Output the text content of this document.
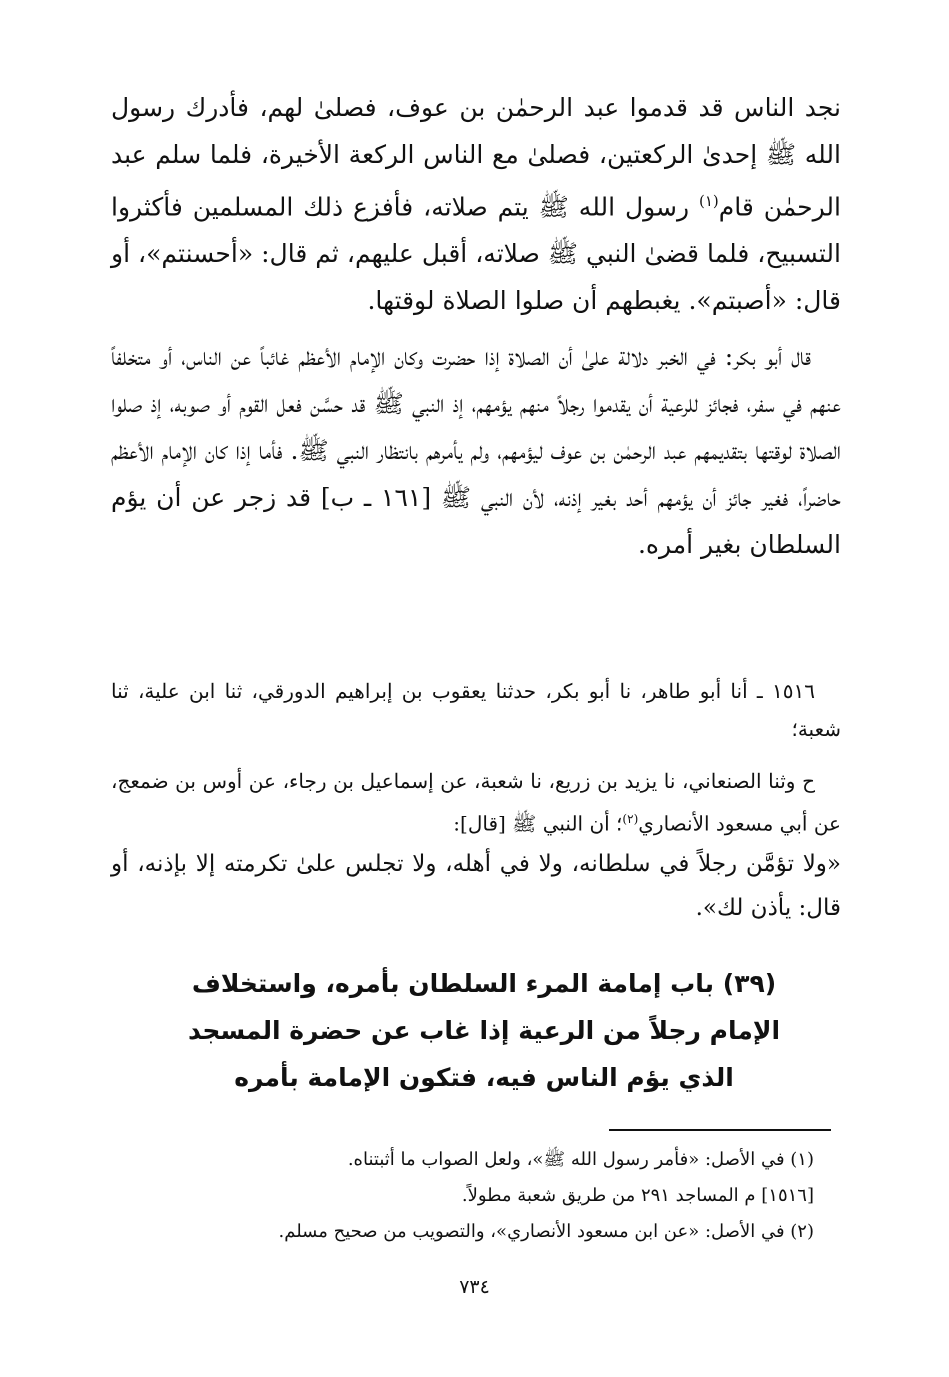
نجد الناس قد قدموا عبد الرحمٰن بن عوف، فصلىٰ لهم، فأدرك رسول الله ﷺ إحدىٰ الركعتين، فصلىٰ مع الناس الركعة الأخيرة، فلما سلم عبد الرحمٰن قام$^{(١)}$ رسول الله ﷺ يتم صلاته، فأفزع ذلك المسلمين فأكثروا التسبيح، فلما قضىٰ النبي ﷺ صلاته، أقبل عليهم، ثم قال: «أحسنتم»، أو قال: «أصبتم». يغبطهم أن صلوا الصلاة لوقتها.

قال أبو بكر: في الخبر دلالة علىٰ أن الصلاة إذا حضرت وكان الإمام الأعظم غائباً عن الناس، أو متخلفاً عنهم في سفر، فجائز للرعية أن يقدموا رجلاً منهم يؤمهم، إذ النبي ﷺ قد حسَّن فعل القوم أو صوبه، إذ صلوا الصلاة لوقتها بتقديمهم عبد الرحمٰن بن عوف ليؤمهم، ولم يأمرهم بانتظار النبي ﷺ. فأما إذا كان الإمام الأعظم حاضراً، فغير جائز أن يؤمهم أحد بغير إذنه، لأن النبي ﷺ [١٦١ ـ ب] قد زجر عن أن يؤم السلطان بغير أمره.

١٥١٦ ـ أنا أبو طاهر، نا أبو بكر، حدثنا يعقوب بن إبراهيم الدورقي، ثنا ابن علية، ثنا شعبة؛

ح وثنا الصنعاني، نا يزيد بن زريع، نا شعبة، عن إسماعيل بن رجاء، عن أوس بن ضمعج، عن أبي مسعود الأنصاري$^{(٢)}$؛ أن النبي ﷺ [قال]:

«ولا تؤمَّن رجلاً في سلطانه، ولا في أهله، ولا تجلس علىٰ تكرمته إلا بإذنه، أو قال: يأذن لك».

(٣٩) باب إمامة المرء السلطان بأمره، واستخلاف الإمام رجلاً من الرعية إذا غاب عن حضرة المسجد الذي يؤم الناس فيه، فتكون الإمامة بأمره

(١) في الأصل: «فأمر رسول الله ﷺ»، ولعل الصواب ما أثبتناه.
[١٥١٦] م المساجد ٢٩١ من طريق شعبة مطولاً.
(٢) في الأصل: «عن ابن مسعود الأنصاري»، والتصويب من صحيح مسلم.
٧٣٤
